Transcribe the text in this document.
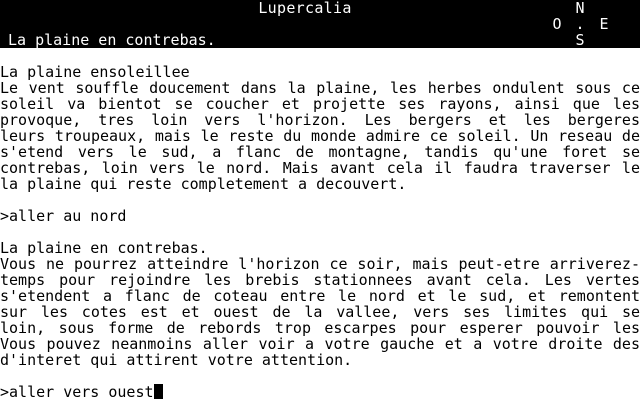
Lupercalia
La plaine en contrebas.
N
O . E
S
La plaine ensoleillee
Le vent souffle doucement dans la plaine, les herbes ondulent sous ce
soleil va bientot se coucher et projette ses rayons, ainsi que les
provoque, tres loin vers l'horizon. Les bergers et les bergeres
leurs troupeaux, mais le reste du monde admire ce soleil. Un reseau de
s'etend vers le sud, a flanc de montagne, tandis qu'une foret se
contrebas, loin vers le nord. Mais avant cela il faudra traverser le
la plaine qui reste completement a decouvert.
>aller au nord
La plaine en contrebas.
Vous ne pourrez atteindre l'horizon ce soir, mais peut-etre arriverez-
temps pour rejoindre les brebis stationnees avant cela. Les vertes
s'etendent a flanc de coteau entre le nord et le sud, et remontent
sur les cotes est et ouest de la vallee, vers ses limites qui se
loin, sous forme de rebords trop escarpes pour esperer pouvoir les
Vous pouvez neanmoins aller voir a votre gauche et a votre droite des
d'interet qui attirent votre attention.
>aller vers ouest
